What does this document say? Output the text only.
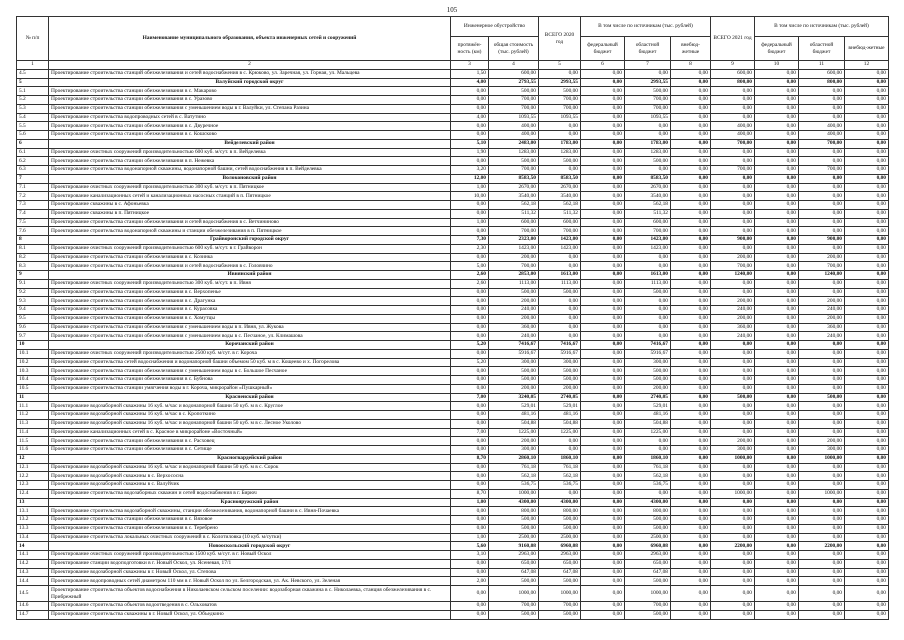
105
№ п/п	Наименование муниципального образования, объекта инженерных сетей и сооружений	Инженерное обустройство		ВСЕГО 2020 год	В том числе по источникам (тыс. рублей)			ВСЕГО 2021 год	В том числе по источникам (тыс. рублей)		
		протяжён-ность (км)	общая стоимость (тыс. рублей)		федеральный бюджет	областной бюджет	внебюд-жетные		федеральный бюджет	областной бюджет	внебюд-жетные
1	2	3	4	5	6	7	8	9	10	11	12
4.5	Проектирование строительства станций обезжелезивания и сетей водоснабжения в с. Крюково, ул. Заречная, ул. Горная, ул. Мальцева	1,50	600,00	0,00	0,00	0,00	0,00	600,00	0,00	600,00	0,00
5	Валуйский городской округ	4,00	2793,55	2993,55	0,00	2993,55	0,00	800,00	0,00	800,00	0,00
5.1	Проектирование строительства станции обезжелезивания в с. Макарово	0,00	500,00	500,00	0,00	500,00	0,00	0,00	0,00	0,00	0,00
5.2	Проектирование строительства станции обезжелезивания в с. Уразово	0,00	700,00	700,00	0,00	700,00	0,00	0,00	0,00	0,00	0,00
5.3	Проектирование строительства станции обезжелезивания с уменьшением воды в г. Валуйки, ул. Степана Разина	0,00	700,00	700,00	0,00	700,00	0,00	0,00	0,00	0,00	0,00
5.4	Проектирование строительства водопроводных сетей в с. Ватутино	4,00	1093,55	1093,55	0,00	1093,55	0,00	0,00	0,00	0,00	0,00
5.5	Проектирование строительства станции обезжелезивания в с. Двуречное	0,00	400,00	0,00	0,00	0,00	0,00	400,00	0,00	400,00	0,00
5.6	Проектирование строительства станции обезжелезивания в с. Кошсково	0,00	400,00	0,00	0,00	0,00	0,00	400,00	0,00	400,00	0,00
6	Вейделевский район	5,10	2483,00	1783,00	0,00	1783,00	0,00	700,00	0,00	700,00	0,00
6.1	Проектирование очистных сооружений производительностью 600 куб. м/сут. в п. Вейделевка	1,90	1283,00	1283,00	0,00	1283,00	0,00	0,00	0,00	0,00	0,00
6.2	Проектирование строительства станции обезжелезивания в п. Нежевка	0,00	500,00	500,00	0,00	500,00	0,00	0,00	0,00	0,00	0,00
6.3	Проектирование строительства водонапорной скважины, водонапорной башни, сетей водоснабжения в п. Вейделевка	3,20	700,00	0,00	0,00	0,00	0,00	700,00	0,00	700,00	0,00
7	Волоконовский район	12,00	8583,50	8583,50	0,00	8583,50	0,00	0,00	0,00	0,00	0,00
7.1	Проектирование очистных сооружений производительностью 300 куб. м/сут. в п. Пятницкое	1,00	2670,00	2670,00	0,00	2670,00	0,00	0,00	0,00	0,00	0,00
7.2	Проектирование канализационных сетей и канализационных насосных станций в п. Пятницкое	10,00	3540,00	3540,00	0,00	3540,00	0,00	0,00	0,00	0,00	0,00
7.3	Проектирование скважины в с. Афоньевка	0,00	562,18	562,18	0,00	562,18	0,00	0,00	0,00	0,00	0,00
7.4	Проектирование скважины в п. Пятницкое	0,00	511,32	511,32	0,00	511,32	0,00	0,00	0,00	0,00	0,00
7.5	Проектирование строительства станции обезжелезивания и сетей водоснабжения в с. Ветчининово	1,00	600,00	600,00	0,00	600,00	0,00	0,00	0,00	0,00	0,00
7.6	Проектирование строительства водонапорной скважины и станции обезжелезивания в п. Пятницкое	0,00	700,00	700,00	0,00	700,00	0,00	0,00	0,00	0,00	0,00
8	Грайворонский городской округ	7,30	2323,00	1423,00	0,00	1423,00	0,00	900,00	0,00	900,00	0,00
8.1	Проектирование очистных сооружений производительностью 600 куб. м/сут. в г. Грайворон	2,30	1423,00	1423,00	0,00	1423,00	0,00	0,00	0,00	0,00	0,00
8.2	Проектирование строительства станции обезжелезивания в с. Козинка	0,00	200,00	0,00	0,00	0,00	0,00	200,00	0,00	200,00	0,00
8.3	Проектирование строительства станции обезжелезивания и сетей водоснабжения в с. Головчино	5,00	700,00	0,00	0,00	0,00	0,00	700,00	0,00	700,00	0,00
9	Ивнянский район	2,60	2853,00	1613,00	0,00	1613,00	0,00	1240,00	0,00	1240,00	0,00
9.1	Проектирование очистных сооружений производительностью 300 куб. м/сут. в п. Ивня	2,60	1113,00	1113,00	0,00	1113,00	0,00	0,00	0,00	0,00	0,00
9.2	Проектирование строительства станции обезжелезивания в с. Верхопенье	0,00	500,00	500,00	0,00	500,00	0,00	0,00	0,00	0,00	0,00
9.3	Проектирование строительства станции обезжелезивания в с. Драгунка	0,00	200,00	0,00	0,00	0,00	0,00	200,00	0,00	200,00	0,00
9.4	Проектирование строительства станции обезжелезивания в с. Курасовка	0,00	240,00	0,00	0,00	0,00	0,00	240,00	0,00	240,00	0,00
9.5	Проектирование строительства станции обезжелезивания в с. Хомутцы	0,00	200,00	0,00	0,00	0,00	0,00	200,00	0,00	200,00	0,00
9.6	Проектирование строительства станции обезжелезивания с уменьшением воды в п. Ивня, ул. Жукова	0,00	360,00	0,00	0,00	0,00	0,00	360,00	0,00	360,00	0,00
9.7	Проектирование строительства станции обезжелезивания с уменьшением воды в с. Песчаное, ул. Климашова	0,00	240,00	0,00	0,00	0,00	0,00	240,00	0,00	240,00	0,00
10	Корочанский район	5,20	7416,67	7416,67	0,00	7416,67	0,00	0,00	0,00	0,00	0,00
10.1	Проектирование очистных сооружений производительностью 2500 куб. м/сут. в г. Короча	0,00	5916,67	5916,67	0,00	5916,67	0,00	0,00	0,00	0,00	0,00
10.2	Проектирование строительства сетей водоснабжения и водонапорной башни объемом 50 куб. м в с. Кощеево и х. Погорелова	5,20	300,00	300,00	0,00	300,00	0,00	0,00	0,00	0,00	0,00
10.3	Проектирование строительства станции обезжелезивания с уменьшением воды в с. Большое Песчаное	0,00	500,00	500,00	0,00	500,00	0,00	0,00	0,00	0,00	0,00
10.4	Проектирование строительства станции обезжелезивания в с. Бубнова	0,00	500,00	500,00	0,00	500,00	0,00	0,00	0,00	0,00	0,00
10.5	Проектирование строительства станции умягчения воды в г. Короча, микрорайон «Пушкарный»	0,00	200,00	200,00	0,00	200,00	0,00	0,00	0,00	0,00	0,00
11	Красненский район	7,00	3240,05	2740,05	0,00	2740,05	0,00	500,00	0,00	500,00	0,00
11.1	Проектирование водозаборной скважины 16 куб. м/час и водонапорной башни 50 куб. м в с. Круглое	0,00	529,01	529,01	0,00	529,01	0,00	0,00	0,00	0,00	0,00
11.2	Проектирование водозаборной скважины 16 куб. м/час в с. Кропоткино	0,00	481,16	481,16	0,00	481,16	0,00	0,00	0,00	0,00	0,00
11.3	Проектирование водозаборной скважины 16 куб. м/час и водонапорной башни 50 куб. м в с. Лесное Уколово	0,00	504,88	504,88	0,00	504,88	0,00	0,00	0,00	0,00	0,00
11.4	Проектирование канализационных сетей в с. Красное в микрорайоне «Восточный»	7,00	1225,00	1225,00	0,00	1225,00	0,00	0,00	0,00	0,00	0,00
11.5	Проектирование строительства станции обезжелезивания в с. Расховец	0,00	200,00	0,00	0,00	0,00	0,00	200,00	0,00	200,00	0,00
11.6	Проектирование строительства станции обезжелезивания в с. Сетище	0,00	300,00	0,00	0,00	0,00	0,00	300,00	0,00	300,00	0,00
12	Красногвардейский район	8,70	2860,10	1860,10	0,00	1860,10	0,00	1000,00	0,00	1000,00	0,00
12.1	Проектирование водозаборной скважины 16 куб. м/час и водонапорной башни 50 куб. м в с. Сорок	0,00	761,18	761,18	0,00	761,18	0,00	0,00	0,00	0,00	0,00
12.2	Проектирование водозаборной скважины в с. Верхососна	0,00	562,18	562,18	0,00	562,18	0,00	0,00	0,00	0,00	0,00
12.3	Проектирование водозаборной скважины в с. Валуйчик	0,00	536,75	536,75	0,00	536,75	0,00	0,00	0,00	0,00	0,00
12.4	Проектирование строительства водозаборных скважин и сетей водоснабжения в г. Бирюч	8,70	1000,00	0,00	0,00	0,00	0,00	1000,00	0,00	1000,00	0,00
13	Краснояружский район	1,00	4300,00	4300,00	0,00	4300,00	0,00	0,00	0,00	0,00	0,00
13.1	Проектирование строительства водозаборной скважины, станции обезжелезивания, водонапорной башни в с. Ивня-Почаевка	0,00	800,00	800,00	0,00	800,00	0,00	0,00	0,00	0,00	0,00
13.2	Проектирование строительства станции обезжелезивания в с. Вязовое	0,00	500,00	500,00	0,00	500,00	0,00	0,00	0,00	0,00	0,00
13.3	Проектирование строительства станции обезжелезивания в с. Теребрено	0,00	500,00	500,00	0,00	500,00	0,00	0,00	0,00	0,00	0,00
13.4	Проектирование строительства локальных очистных сооружений в с. Колотиловка (10 куб. м/сутки)	1,00	2500,00	2500,00	0,00	2500,00	0,00	0,00	0,00	0,00	0,00
14	Новооскольский городской округ	5,60	9160,08	6960,08	0,00	6960,08	0,00	2200,00	0,00	2200,00	0,00
14.1	Проектирование очистных сооружений производительностью 1500 куб. м/сут. в г. Новый Оскол	3,10	2963,00	2963,00	0,00	2963,00	0,00	0,00	0,00	0,00	0,00
14.2	Проектирование станции водоподготовки в г. Новый Оскол, ул. Ясеневая, 17/1	0,00	650,00	650,00	0,00	650,00	0,00	0,00	0,00	0,00	0,00
14.3	Проектирование водозаборной скважины в г. Новый Оскол, ул. Степова	0,00	647,08	647,08	0,00	647,08	0,00	0,00	0,00	0,00	0,00
14.4	Проектирование водопроводных сетей диаметром 110 мм в г. Новый Оскол по ул. Белгородская, ул. Ак. Невского, ул. Зеленая	2,00	500,00	500,00	0,00	500,00	0,00	0,00	0,00	0,00	0,00
14.5	Проектирование строительства объектов водоснабжения в Николаевском сельском поселении: водозаборная скважина в с. Николаевка, станция обезжелезивания в с. Прибрежный	0,00	1000,00	1000,00	0,00	1000,00	0,00	0,00	0,00	0,00	0,00
14.6	Проектирование строительства объектов водоотведения в с. Ольховатов	0,00	700,00	700,00	0,00	700,00	0,00	0,00	0,00	0,00	0,00
14.7	Проектирование строительства скважины в г. Новый Оскол, ул. Объедкино	0,00	500,00	500,00	0,00	500,00	0,00	0,00	0,00	0,00	0,00
